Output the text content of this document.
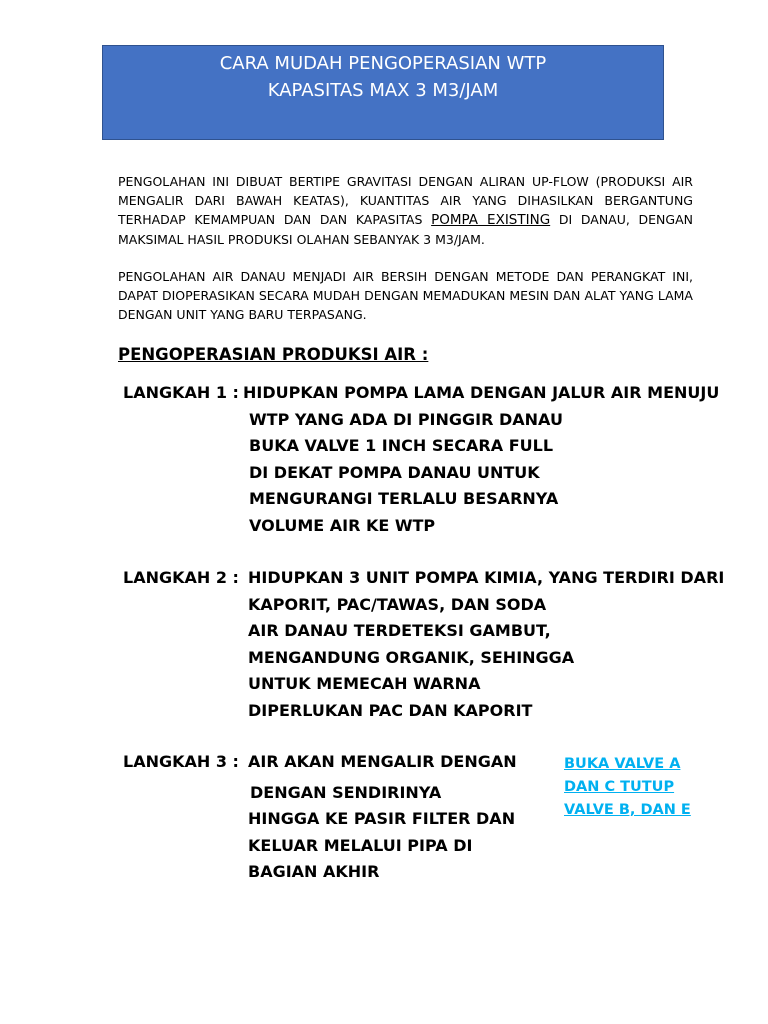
CARA MUDAH PENGOPERASIAN WTP
KAPASITAS MAX 3 M3/JAM
PENGOLAHAN INI DIBUAT BERTIPE GRAVITASI DENGAN ALIRAN UP-FLOW (PRODUKSI AIR MENGALIR DARI BAWAH KEATAS), KUANTITAS AIR YANG DIHASILKAN BERGANTUNG TERHADAP KEMAMPUAN DAN DAN KAPASITAS POMPA EXISTING DI DANAU, DENGAN MAKSIMAL HASIL PRODUKSI OLAHAN SEBANYAK 3 M3/JAM.
PENGOLAHAN AIR DANAU MENJADI AIR BERSIH DENGAN METODE DAN PERANGKAT INI, DAPAT DIOPERASIKAN SECARA MUDAH DENGAN MEMADUKAN MESIN DAN ALAT YANG LAMA DENGAN UNIT YANG BARU TERPASANG.
PENGOPERASIAN PRODUKSI AIR :
LANGKAH 1 : HIDUPKAN POMPA LAMA DENGAN JALUR AIR MENUJU
WTP YANG ADA DI PINGGIR DANAU
BUKA VALVE 1 INCH SECARA FULL
DI DEKAT POMPA DANAU UNTUK
MENGURANGI TERLALU BESARNYA
VOLUME AIR KE WTP
LANGKAH 2 : HIDUPKAN 3 UNIT POMPA KIMIA, YANG TERDIRI DARI
KAPORIT, PAC/TAWAS, DAN SODA
AIR DANAU TERDETEKSI GAMBUT,
MENGANDUNG ORGANIK, SEHINGGA
UNTUK MEMECAH WARNA
DIPERLUKAN PAC DAN KAPORIT
LANGKAH 3 : AIR AKAN MENGALIR DENGAN
DENGAN SENDIRINYA
HINGGA KE PASIR FILTER DAN
KELUAR MELALUI PIPA DI
BAGIAN AKHIR
BUKA VALVE A
DAN C TUTUP
VALVE B, DAN E
